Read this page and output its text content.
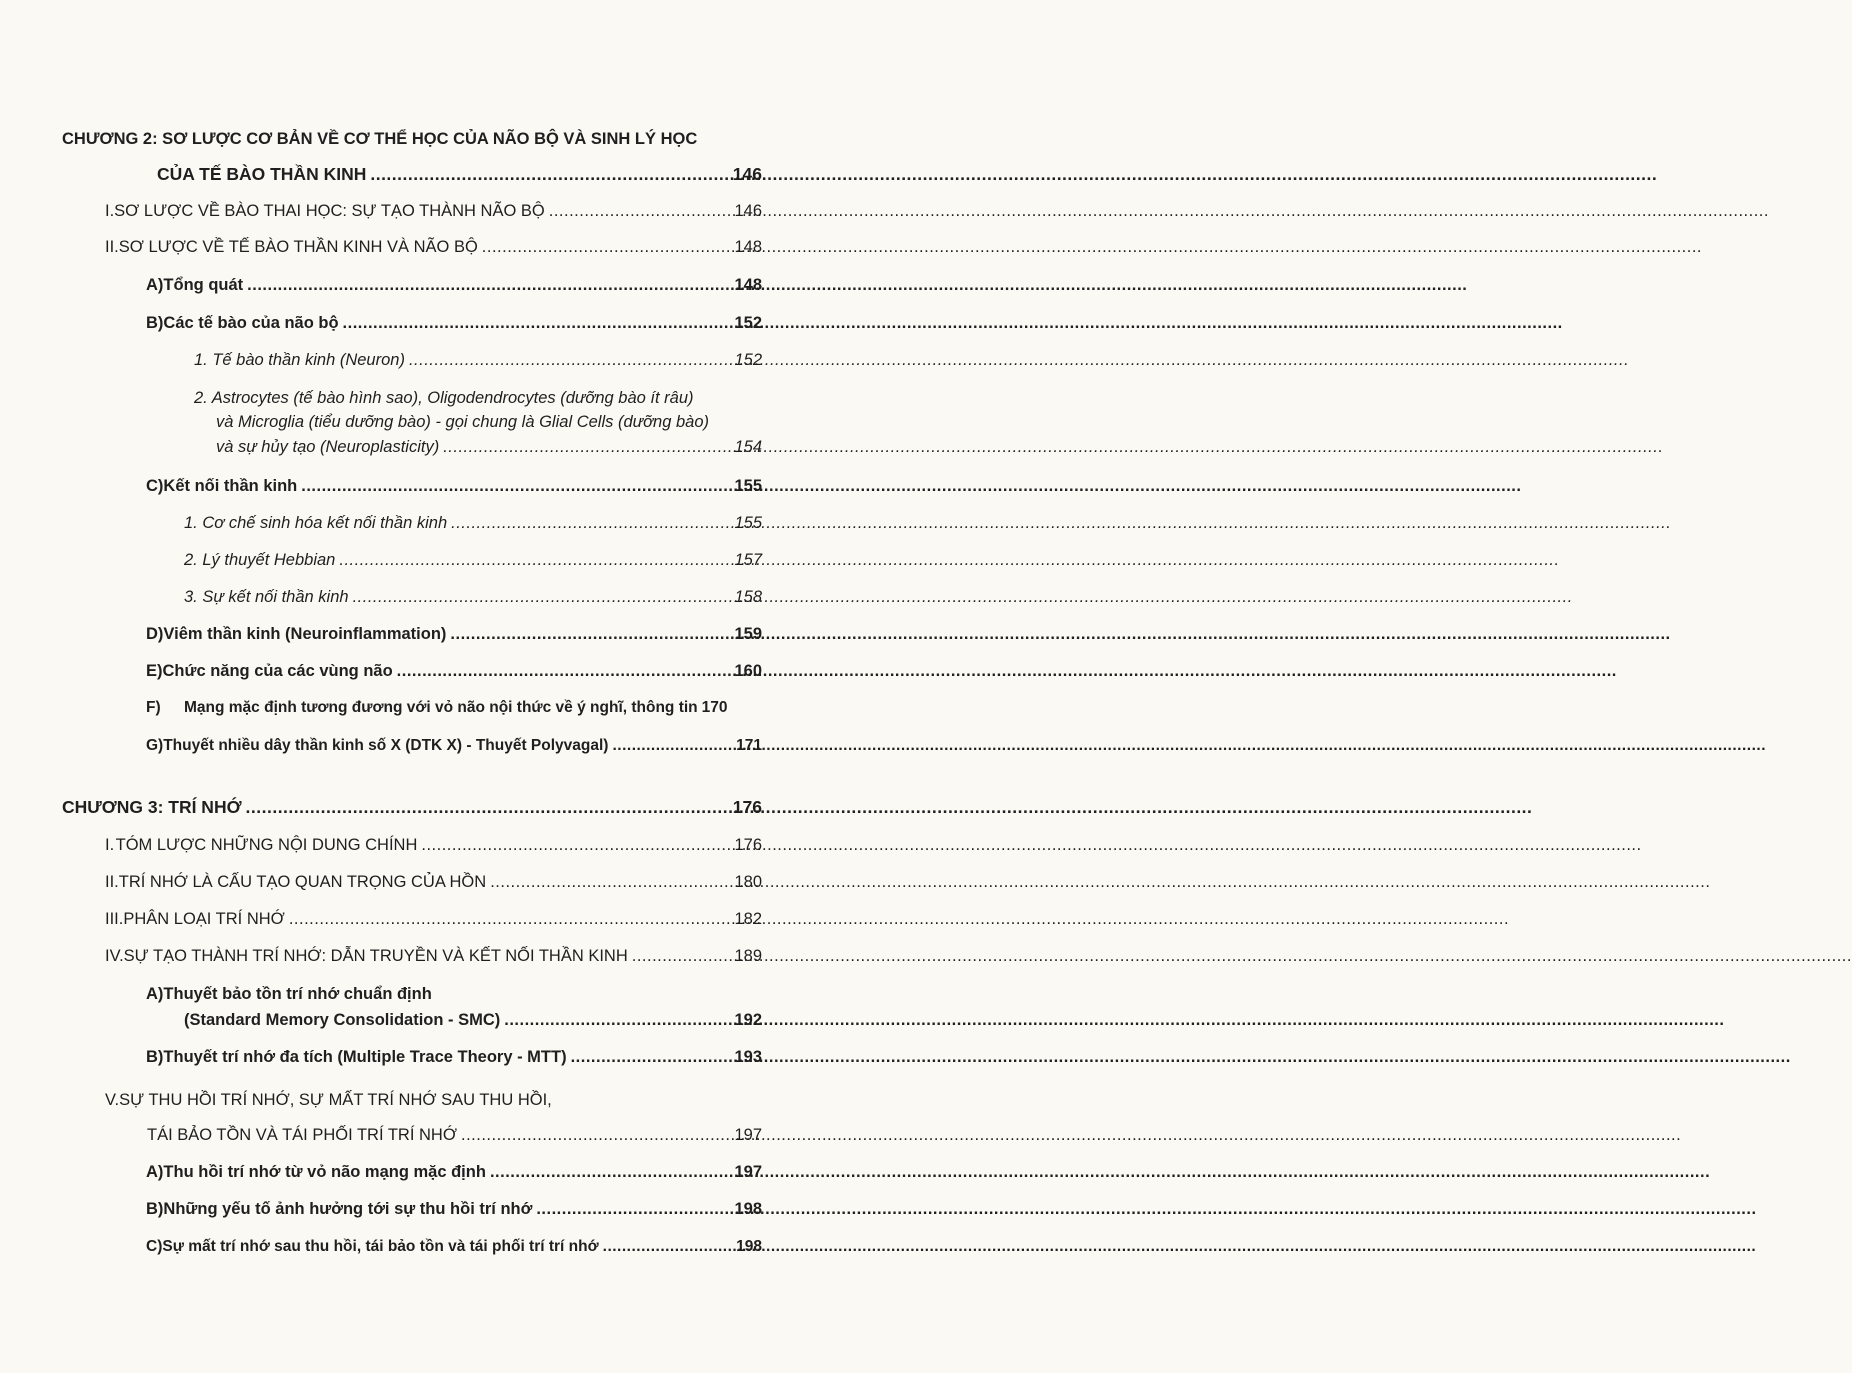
CHƯƠNG 2: SƠ LƯỢC CƠ BẢN VỀ CƠ THỂ HỌC CỦA NÃO BỘ VÀ SINH LÝ HỌC
CỦA TẾ BÀO THẦN KINH .....	146
I. SƠ LƯỢC VỀ BÀO THAI HỌC: SỰ TẠO THÀNH NÃO BỘ .....	146
II. SƠ LƯỢC VỀ TẾ BÀO THẦN KINH VÀ NÃO BỘ .....	148
A) Tổng quát .....	148
B) Các tế bào của não bộ .....	152
1. Tế bào thần kinh (Neuron) .....	152
2. Astrocytes (tế bào hình sao), Oligodendrocytes (dưỡng bào ít râu)
và Microglia (tiểu dưỡng bào) - gọi chung là Glial Cells (dưỡng bào)
và sự hủy tạo (Neuroplasticity) .....	154
C) Kết nối thần kinh .....	155
1. Cơ chế sinh hóa kết nối thần kinh .....	155
2. Lý thuyết Hebbian .....	157
3. Sự kết nối thần kinh .....	158
D) Viêm thần kinh (Neuroinflammation) .....	159
E) Chức năng của các vùng não .....	160
F)	Mạng mặc định tương đương với vỏ não nội thức về ý nghĩ, thông tin 170
G) Thuyết nhiều dây thần kinh số X (DTK X) - Thuyết Polyvagal) .....	171
CHƯƠNG 3: TRÍ NHỚ .....	176
I. TÓM LƯỢC NHỮNG NỘI DUNG CHÍNH .....	176
II. TRÍ NHỚ LÀ CẤU TẠO QUAN TRỌNG CỦA HỒN .....	180
III. PHÂN LOẠI TRÍ NHỚ .....	182
IV. SỰ TẠO THÀNH TRÍ NHỚ: DẪN TRUYỀN VÀ KẾT NỐI THẦN KINH .....	189
A)Thuyết bảo tồn trí nhớ chuẩn định
(Standard Memory Consolidation - SMC) .....	192
B) Thuyết trí nhớ đa tích (Multiple Trace Theory - MTT) .....	193
V.SỰ THU HỒI TRÍ NHỚ, SỰ MẤT TRÍ NHỚ SAU THU HỒI,
TÁI BẢO TỒN VÀ TÁI PHỐI TRÍ TRÍ NHỚ .....	197
A) Thu hồi trí nhớ từ vỏ não mạng mặc định .....	197
B) Những yếu tố ảnh hưởng tới sự thu hồi trí nhớ .....	198
C) Sự mất trí nhớ sau thu hồi, tái bảo tồn và tái phối trí trí nhớ .....	198
